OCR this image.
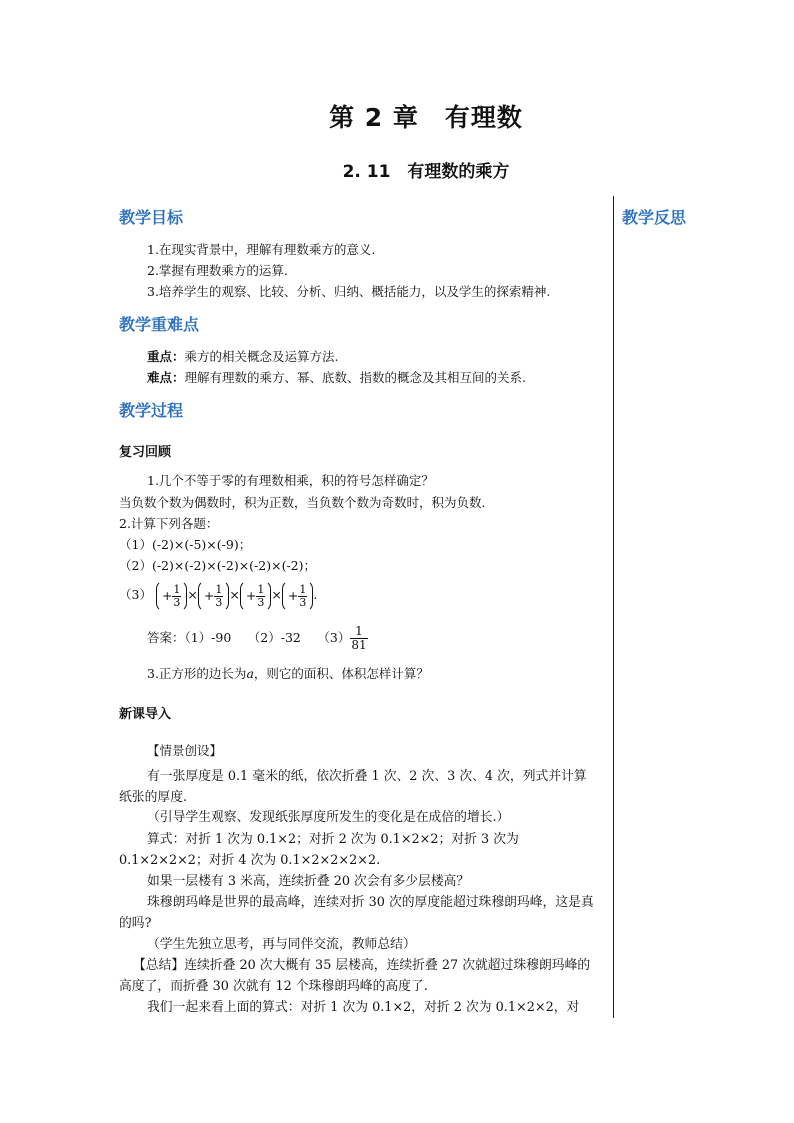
第 2 章　有理数
2. 11　有理数的乘方
教学反思
教学目标
1.在现实背景中，理解有理数乘方的意义.
2.掌握有理数乘方的运算.
3.培养学生的观察、比较、分析、归纳、概括能力，以及学生的探索精神.
教学重难点
重点：乘方的相关概念及运算方法.
难点：理解有理数的乘方、幂、底数、指数的概念及其相互间的关系.
教学过程
复习回顾
1.几个不等于零的有理数相乘，积的符号怎样确定？
当负数个数为偶数时，积为正数，当负数个数为奇数时，积为负数.
2.计算下列各题：
（1）(-2)×(-5)×(-9)；
（2）(-2)×(-2)×(-2)×(-2)×(-2)；
$(3) + \frac{1}{3}$ × + $\frac{1}{3}$ × + $\frac{1}{3}$ × + $\frac{1}{3}$ .
答案：（1）-90　 （2）-32　 $(3) \frac{1}{81}$
3.正方形的边长为a，则它的面积、体积怎样计算？
新课导入
【情景创设】
有一张厚度是 0.1 毫米的纸，依次折叠 1 次、2 次、3 次、4 次，列式并计算纸张的厚度.
（引导学生观察、发现纸张厚度所发生的变化是在成倍的增长.）
算式：对折 1 次为 0.1×2；对折 2 次为 0.1×2×2；对折 3 次为 0.1×2×2×2；对折 4 次为 0.1×2×2×2×2.
如果一层楼有 3 米高，连续折叠 20 次会有多少层楼高？
珠穆朗玛峰是世界的最高峰，连续对折 30 次的厚度能超过珠穆朗玛峰，这是真的吗?
（学生先独立思考，再与同伴交流，教师总结）
【总结】连续折叠 20 次大概有 35 层楼高，连续折叠 27 次就超过珠穆朗玛峰的高度了，而折叠 30 次就有 12 个珠穆朗玛峰的高度了.
我们一起来看上面的算式：对折 1 次为 0.1×2，对折 2 次为 0.1×2×2，对
